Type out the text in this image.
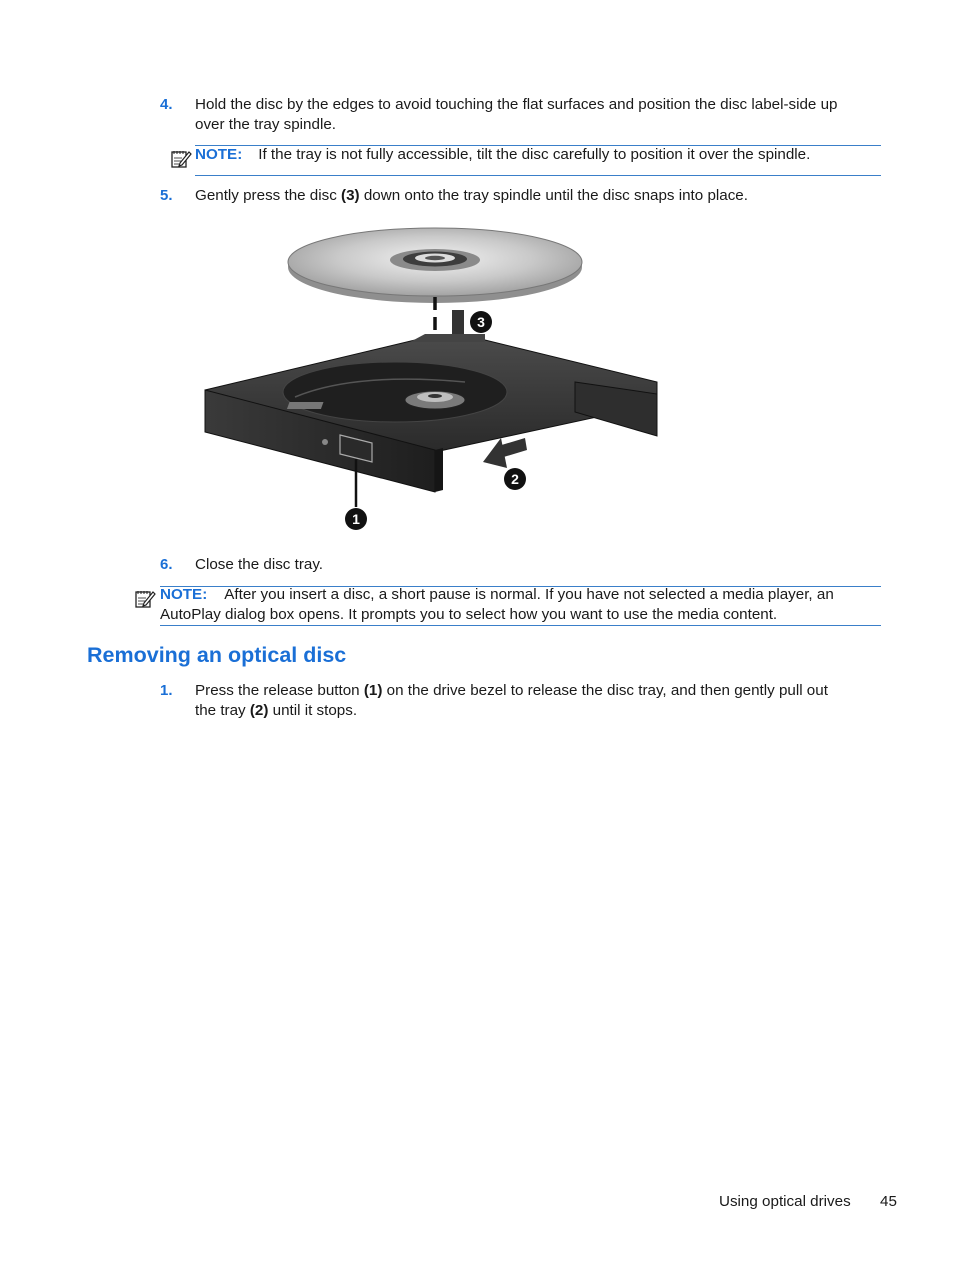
4. Hold the disc by the edges to avoid touching the flat surfaces and position the disc label-side up
over the tray spindle.
NOTE: If the tray is not fully accessible, tilt the disc carefully to position it over the spindle.
5. Gently press the disc (3) down onto the tray spindle until the disc snaps into place.
3
1
2
6. Close the disc tray.
NOTE: After you insert a disc, a short pause is normal. If you have not selected a media player, an
AutoPlay dialog box opens. It prompts you to select how you want to use the media content.
Removing an optical disc
1. Press the release button (1) on the drive bezel to release the disc tray, and then gently pull out
the tray (2) until it stops.
Using optical drives 45
